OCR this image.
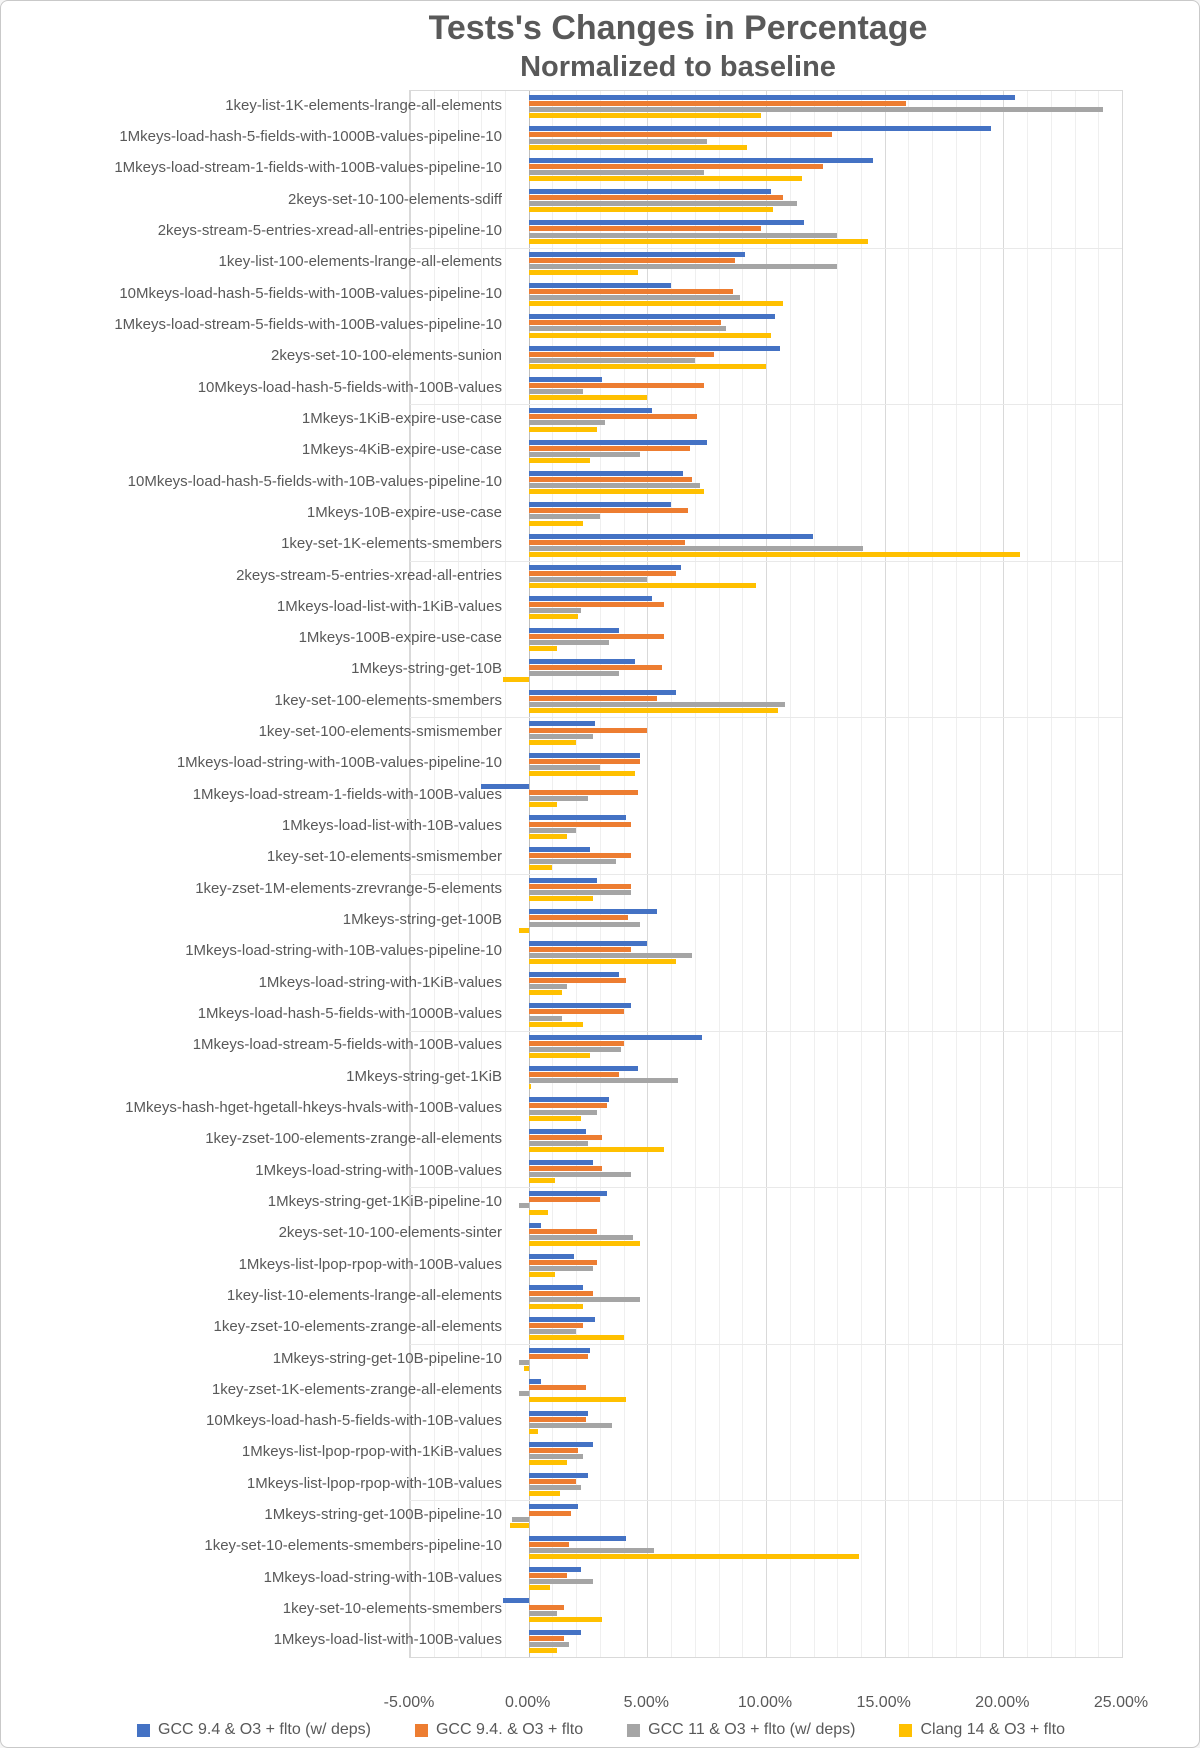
Tests's Changes in Percentage
Normalized to baseline
1key-list-1K-elements-lrange-all-elements
1Mkeys-load-hash-5-fields-with-1000B-values-pipeline-10
1Mkeys-load-stream-1-fields-with-100B-values-pipeline-10
2keys-set-10-100-elements-sdiff
2keys-stream-5-entries-xread-all-entries-pipeline-10
1key-list-100-elements-lrange-all-elements
10Mkeys-load-hash-5-fields-with-100B-values-pipeline-10
1Mkeys-load-stream-5-fields-with-100B-values-pipeline-10
2keys-set-10-100-elements-sunion
10Mkeys-load-hash-5-fields-with-100B-values
1Mkeys-1KiB-expire-use-case
1Mkeys-4KiB-expire-use-case
10Mkeys-load-hash-5-fields-with-10B-values-pipeline-10
1Mkeys-10B-expire-use-case
1key-set-1K-elements-smembers
2keys-stream-5-entries-xread-all-entries
1Mkeys-load-list-with-1KiB-values
1Mkeys-100B-expire-use-case
1Mkeys-string-get-10B
1key-set-100-elements-smembers
1key-set-100-elements-smismember
1Mkeys-load-string-with-100B-values-pipeline-10
1Mkeys-load-stream-1-fields-with-100B-values
1Mkeys-load-list-with-10B-values
1key-set-10-elements-smismember
1key-zset-1M-elements-zrevrange-5-elements
1Mkeys-string-get-100B
1Mkeys-load-string-with-10B-values-pipeline-10
1Mkeys-load-string-with-1KiB-values
1Mkeys-load-hash-5-fields-with-1000B-values
1Mkeys-load-stream-5-fields-with-100B-values
1Mkeys-string-get-1KiB
1Mkeys-hash-hget-hgetall-hkeys-hvals-with-100B-values
1key-zset-100-elements-zrange-all-elements
1Mkeys-load-string-with-100B-values
1Mkeys-string-get-1KiB-pipeline-10
2keys-set-10-100-elements-sinter
1Mkeys-list-lpop-rpop-with-100B-values
1key-list-10-elements-lrange-all-elements
1key-zset-10-elements-zrange-all-elements
1Mkeys-string-get-10B-pipeline-10
1key-zset-1K-elements-zrange-all-elements
10Mkeys-load-hash-5-fields-with-10B-values
1Mkeys-list-lpop-rpop-with-1KiB-values
1Mkeys-list-lpop-rpop-with-10B-values
1Mkeys-string-get-100B-pipeline-10
1key-set-10-elements-smembers-pipeline-10
1Mkeys-load-string-with-10B-values
1key-set-10-elements-smembers
1Mkeys-load-list-with-100B-values
-5.00%	0.00%	5.00%	10.00%	15.00%	20.00%	25.00%
GCC 9.4 & O3 + flto (w/ deps)	GCC 9.4. & O3 + flto	GCC 11 & O3 + flto (w/ deps)	Clang 14 & O3 + flto
